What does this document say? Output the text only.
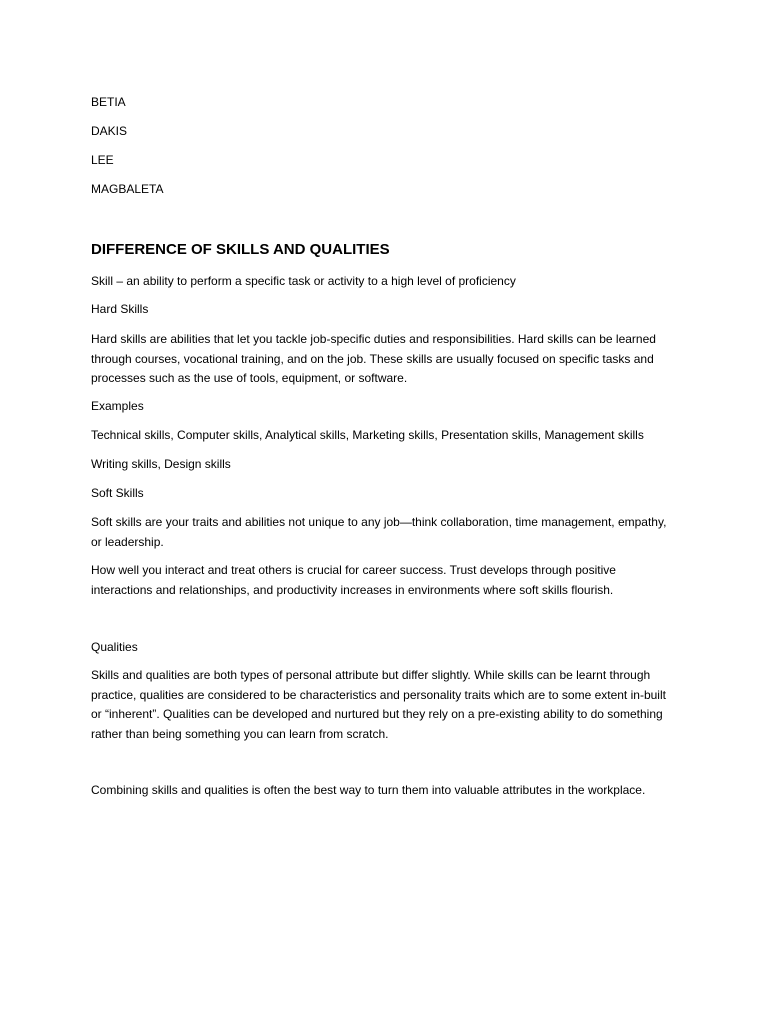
BETIA
DAKIS
LEE
MAGBALETA
DIFFERENCE OF SKILLS AND QUALITIES
Skill – an ability to perform a specific task or activity to a high level of proficiency
Hard Skills
Hard skills are abilities that let you tackle job-specific duties and responsibilities. Hard skills can be learned through courses, vocational training, and on the job. These skills are usually focused on specific tasks and processes such as the use of tools, equipment, or software.
Examples
Technical skills, Computer skills, Analytical skills, Marketing skills, Presentation skills, Management skills
Writing skills, Design skills
Soft Skills
Soft skills are your traits and abilities not unique to any job—think collaboration, time management, empathy, or leadership.
How well you interact and treat others is crucial for career success. Trust develops through positive interactions and relationships, and productivity increases in environments where soft skills flourish.
Qualities
Skills and qualities are both types of personal attribute but differ slightly. While skills can be learnt through practice, qualities are considered to be characteristics and personality traits which are to some extent in-built or “inherent”. Qualities can be developed and nurtured but they rely on a pre-existing ability to do something rather than being something you can learn from scratch.
Combining skills and qualities is often the best way to turn them into valuable attributes in the workplace.
